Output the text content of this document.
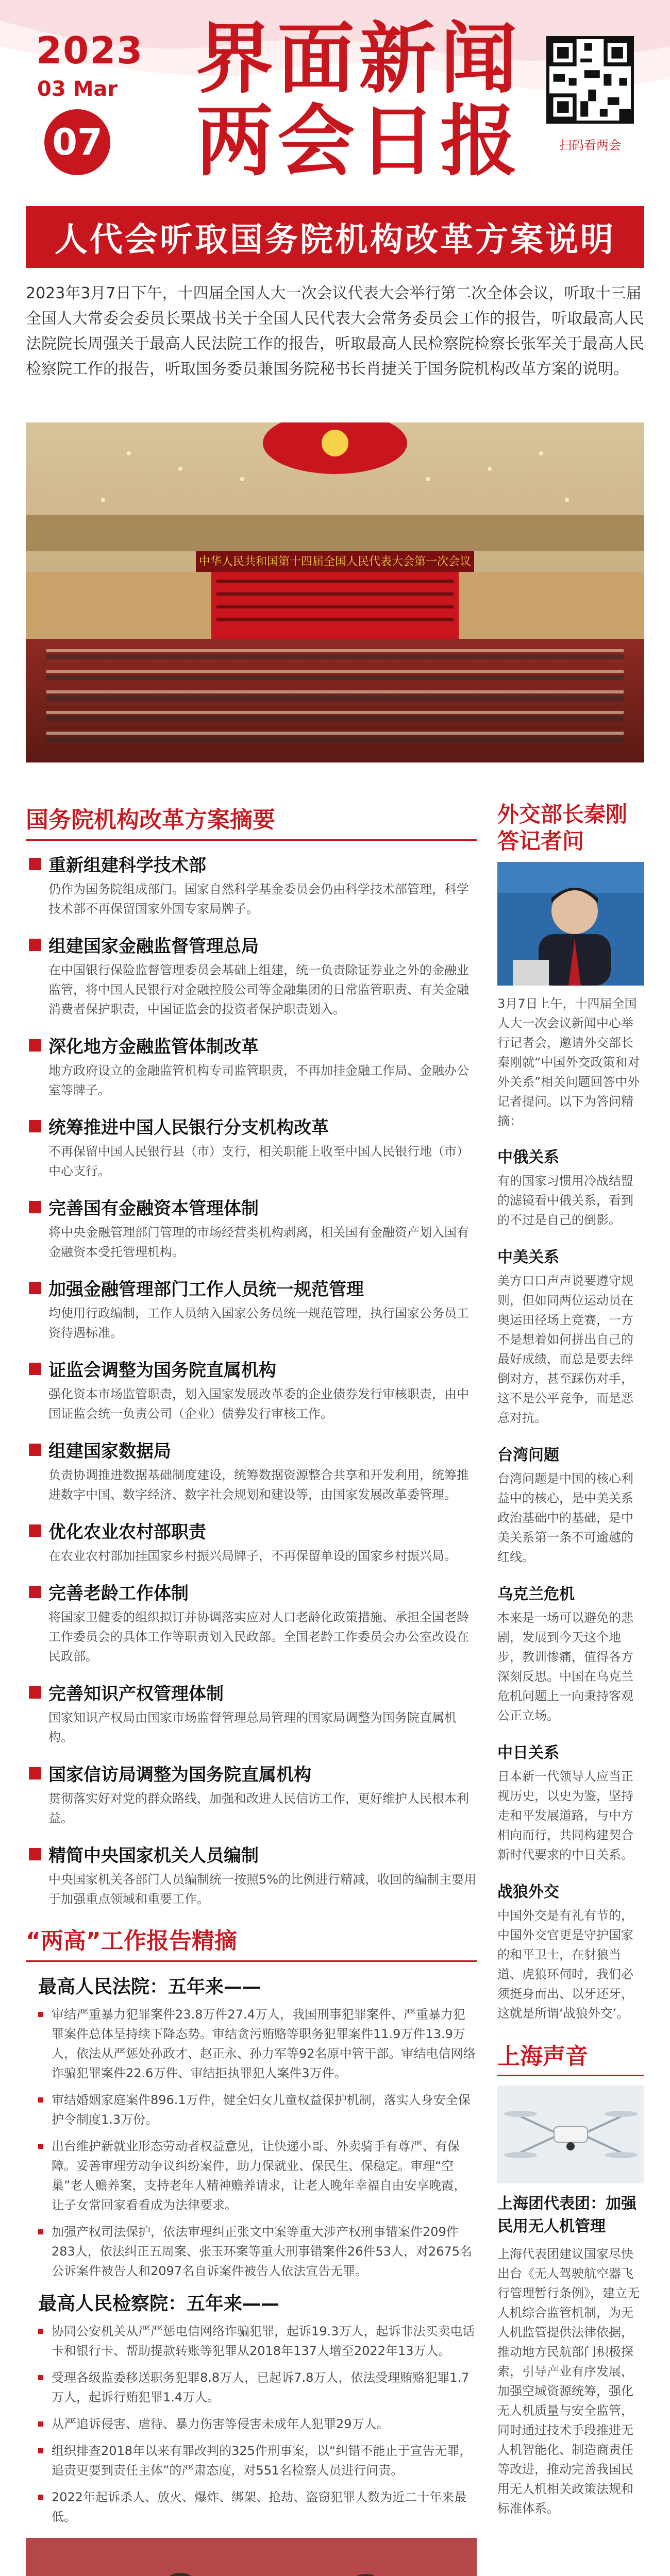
2023
03 Mar
07
界面新闻
两会日报	扫码看两会
人代会听取国务院机构改革方案说明
2023年3月7日下午，十四届全国人大一次会议代表大会举行第二次全体会议，听取十三届全国人大常委会委员长栗战书关于全国人民代表大会常务委员会工作的报告，听取最高人民法院院长周强关于最高人民法院工作的报告，听取最高人民检察院检察长张军关于最高人民检察院工作的报告，听取国务委员兼国务院秘书长肖捷关于国务院机构改革方案的说明。
中华人民共和国第十四届全国人民代表大会第一次会议
国务院机构改革方案摘要
重新组建科学技术部
仍作为国务院组成部门。国家自然科学基金委员会仍由科学技术部管理，科学技术部不再保留国家外国专家局牌子。
组建国家金融监督管理总局
在中国银行保险监督管理委员会基础上组建，统一负责除证券业之外的金融业监管，将中国人民银行对金融控股公司等金融集团的日常监管职责、有关金融消费者保护职责，中国证监会的投资者保护职责划入。
深化地方金融监管体制改革
地方政府设立的金融监管机构专司监管职责，不再加挂金融工作局、金融办公室等牌子。
统筹推进中国人民银行分支机构改革
不再保留中国人民银行县（市）支行，相关职能上收至中国人民银行地（市）中心支行。
完善国有金融资本管理体制
将中央金融管理部门管理的市场经营类机构剥离，相关国有金融资产划入国有金融资本受托管理机构。
加强金融管理部门工作人员统一规范管理
均使用行政编制，工作人员纳入国家公务员统一规范管理，执行国家公务员工资待遇标准。
证监会调整为国务院直属机构
强化资本市场监管职责，划入国家发展改革委的企业债券发行审核职责，由中国证监会统一负责公司（企业）债券发行审核工作。
组建国家数据局
负责协调推进数据基础制度建设，统筹数据资源整合共享和开发利用，统筹推进数字中国、数字经济、数字社会规划和建设等，由国家发展改革委管理。
优化农业农村部职责
在农业农村部加挂国家乡村振兴局牌子，不再保留单设的国家乡村振兴局。
完善老龄工作体制
将国家卫健委的组织拟订并协调落实应对人口老龄化政策措施、承担全国老龄工作委员会的具体工作等职责划入民政部。全国老龄工作委员会办公室改设在民政部。
完善知识产权管理体制
国家知识产权局由国家市场监督管理总局管理的国家局调整为国务院直属机构。
国家信访局调整为国务院直属机构
贯彻落实好对党的群众路线，加强和改进人民信访工作，更好维护人民根本利益。
精简中央国家机关人员编制
中央国家机关各部门人员编制统一按照5%的比例进行精减，收回的编制主要用于加强重点领域和重要工作。
“两高”工作报告精摘
最高人民法院：五年来——
审结严重暴力犯罪案件23.8万件27.4万人，我国刑事犯罪案件、严重暴力犯罪案件总体呈持续下降态势。审结贪污贿赂等职务犯罪案件11.9万件13.9万人，依法从严惩处孙政才、赵正永、孙力军等92名原中管干部。审结电信网络诈骗犯罪案件22.6万件、审结拒执罪犯人案件3万件。
审结婚姻家庭案件896.1万件，健全妇女儿童权益保护机制，落实人身安全保护令制度1.3万份。
出台维护新就业形态劳动者权益意见，让快递小哥、外卖骑手有尊严、有保障。妥善审理劳动争议纠纷案件，助力保就业、保民生、保稳定。审理“空巢”老人赡养案，支持老年人精神赡养请求，让老人晚年幸福自由安享晚霞，让子女常回家看看成为法律要求。
加强产权司法保护，依法审理纠正张文中案等重大涉产权刑事错案件209件283人，依法纠正五周案、张玉环案等重大刑事错案件26件53人，对2675名公诉案件被告人和2097名自诉案件被告人依法宣告无罪。
最高人民检察院：五年来——
协同公安机关从严严惩电信网络诈骗犯罪，起诉19.3万人，起诉非法买卖电话卡和银行卡、帮助提款转账等犯罪从2018年137人增至2022年13万人。
受理各级监委移送职务犯罪8.8万人，已起诉7.8万人，依法受理贿赂犯罪1.7万人，起诉行贿犯罪1.4万人。
从严追诉侵害、虐待、暴力伤害等侵害未成年人犯罪29万人。
组织排查2018年以来有罪改判的325件刑事案，以“纠错不能止于宣告无罪，追责更要到责任主体”的严肃态度，对551名检察人员进行问责。
2022年起诉杀人、放火、爆炸、绑架、抢劫、盗窃犯罪人数为近二十年来最低。
外交部长秦刚
答记者问
3月7日上午，十四届全国人大一次会议新闻中心举行记者会，邀请外交部长秦刚就“中国外交政策和对外关系”相关问题回答中外记者提问。以下为答问精摘：
中俄关系
有的国家习惯用冷战结盟的滤镜看中俄关系，看到的不过是自己的倒影。
中美关系
美方口口声声说要遵守规则，但如同两位运动员在奥运田径场上竞赛，一方不是想着如何拼出自己的最好成绩，而总是要去绊倒对方，甚至踩伤对手，这不是公平竞争，而是恶意对抗。
台湾问题
台湾问题是中国的核心利益中的核心，是中美关系政治基础中的基础，是中美关系第一条不可逾越的红线。
乌克兰危机
本来是一场可以避免的悲剧，发展到今天这个地步，教训惨痛，值得各方深刻反思。中国在乌克兰危机问题上一向秉持客观公正立场。
中日关系
日本新一代领导人应当正视历史，以史为鉴，坚持走和平发展道路，与中方相向而行，共同构建契合新时代要求的中日关系。
战狼外交
中国外交是有礼有节的，中国外交官更是守护国家的和平卫士，在豺狼当道、虎狼环伺时，我们必须挺身而出、以牙还牙，这就是所谓‘战狼外交’。
上海声音
上海团代表团：加强民用无人机管理
上海代表团建议国家尽快出台《无人驾驶航空器飞行管理暂行条例》，建立无人机综合监管机制，为无人机监管提供法律依据，推动地方民航部门积极探索，引导产业有序发展，加强空域资源统筹，强化无人机质量与安全监管，同时通过技术手段推进无人机智能化、制造商责任等改进，推动完善我国民用无人机相关政策法规和标准体系。
